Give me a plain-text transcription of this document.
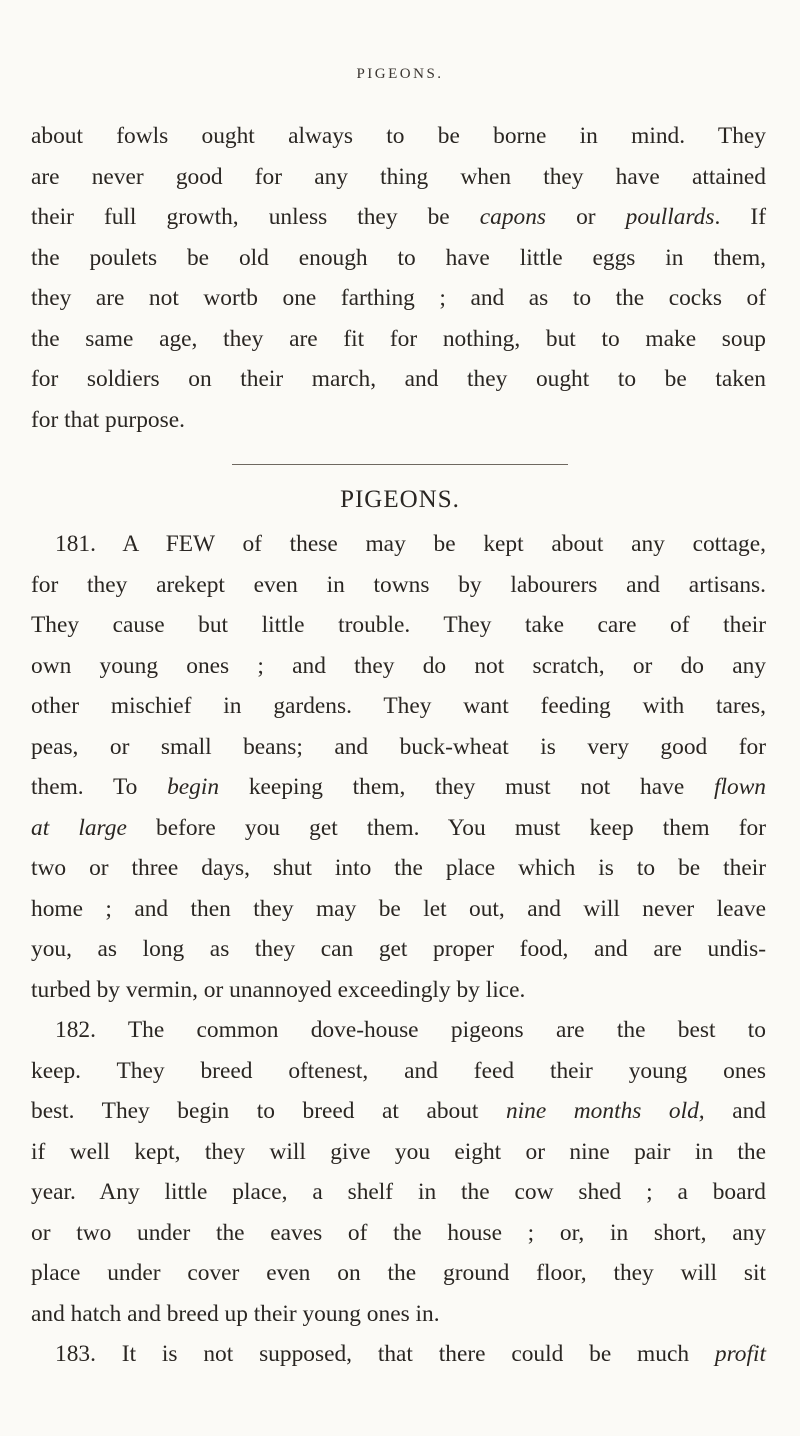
PIGEONS.
about fowls ought always to be borne in mind. They
are never good for any thing when they have attained
their full growth, unless they be capons or poullards. If
the poulets be old enough to have little eggs in them,
they are not wortb one farthing ; and as to the cocks of
the same age, they are fit for nothing, but to make soup
for soldiers on their march, and they ought to be taken
for that purpose.
PIGEONS.
181. A FEW of these may be kept about any cottage,
for they arekept even in towns by labourers and artisans.
They cause but little trouble. They take care of their
own young ones ; and they do not scratch, or do any
other mischief in gardens. They want feeding with tares,
peas, or small beans; and buck-wheat is very good for
them. To begin keeping them, they must not have flown
at large before you get them. You must keep them for
two or three days, shut into the place which is to be their
home ; and then they may be let out, and will never leave
you, as long as they can get proper food, and are undis-
turbed by vermin, or unannoyed exceedingly by lice.
182. The common dove-house pigeons are the best to
keep. They breed oftenest, and feed their young ones
best. They begin to breed at about nine months old, and
if well kept, they will give you eight or nine pair in the
year. Any little place, a shelf in the cow shed ; a board
or two under the eaves of the house ; or, in short, any
place under cover even on the ground floor, they will sit
and hatch and breed up their young ones in.
183. It is not supposed, that there could be much profit
